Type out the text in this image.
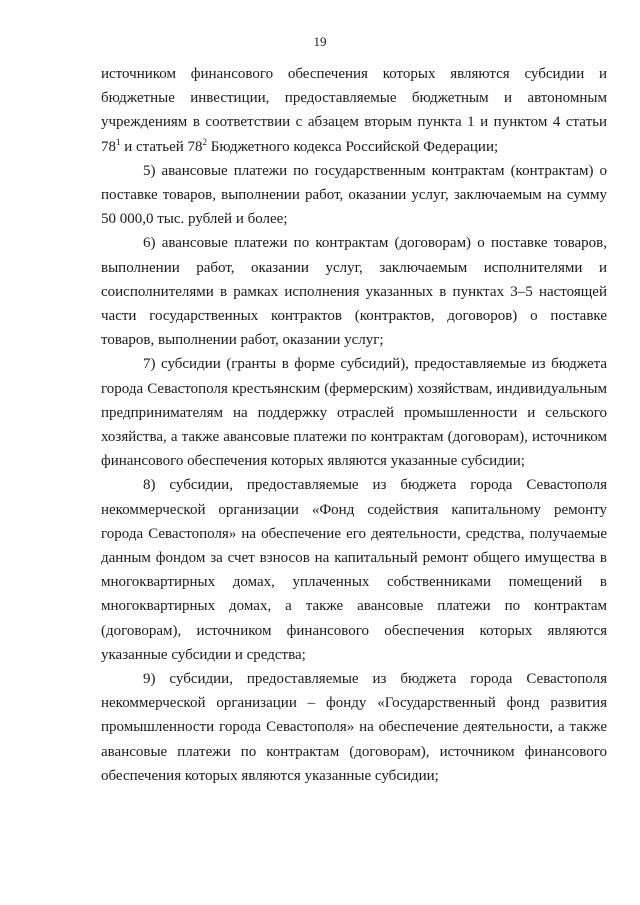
19

источником финансового обеспечения которых являются субсидии и бюджетные инвестиции, предоставляемые бюджетным и автономным учреждениям в соответствии с абзацем вторым пункта 1 и пунктом 4 статьи $78^1$ и статьей $78^2$ Бюджетного кодекса Российской Федерации;

5) авансовые платежи по государственным контрактам (контрактам) о поставке товаров, выполнении работ, оказании услуг, заключаемым на сумму 50 000,0 тыс. рублей и более;

6) авансовые платежи по контрактам (договорам) о поставке товаров, выполнении работ, оказании услуг, заключаемым исполнителями и соисполнителями в рамках исполнения указанных в пунктах 3–5 настоящей части государственных контрактов (контрактов, договоров) о поставке товаров, выполнении работ, оказании услуг;

7) субсидии (гранты в форме субсидий), предоставляемые из бюджета города Севастополя крестьянским (фермерским) хозяйствам, индивидуальным предпринимателям на поддержку отраслей промышленности и сельского хозяйства, а также авансовые платежи по контрактам (договорам), источником финансового обеспечения которых являются указанные субсидии;

8) субсидии, предоставляемые из бюджета города Севастополя некоммерческой организации «Фонд содействия капитальному ремонту города Севастополя» на обеспечение его деятельности, средства, получаемые данным фондом за счет взносов на капитальный ремонт общего имущества в многоквартирных домах, уплаченных собственниками помещений в многоквартирных домах, а также авансовые платежи по контрактам (договорам), источником финансового обеспечения которых являются указанные субсидии и средства;

9) субсидии, предоставляемые из бюджета города Севастополя некоммерческой организации – фонду «Государственный фонд развития промышленности города Севастополя» на обеспечение деятельности, а также авансовые платежи по контрактам (договорам), источником финансового обеспечения которых являются указанные субсидии;
